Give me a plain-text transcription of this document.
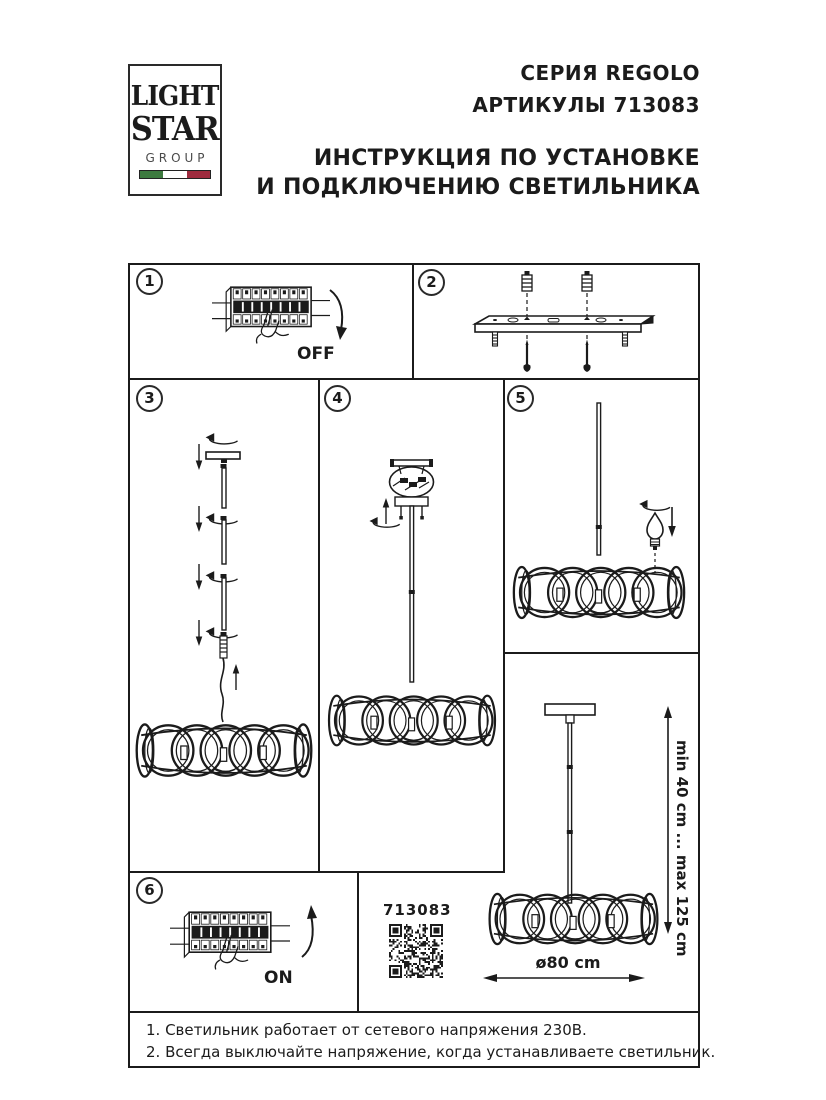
LIGHT
STAR
GROUP
СЕРИЯ REGOLO
АРТИКУЛЫ 713083
ИНСТРУКЦИЯ ПО УСТАНОВКЕ
И ПОДКЛЮЧЕНИЮ СВЕТИЛЬНИКА
1	2
3	4	5
6
OFF
ON
713083	min 40 cm ... max 125 cm
ø80 cm
1. Светильник работает от сетевого напряжения 230В.
2. Всегда выключайте напряжение, когда устанавливаете светильник.
